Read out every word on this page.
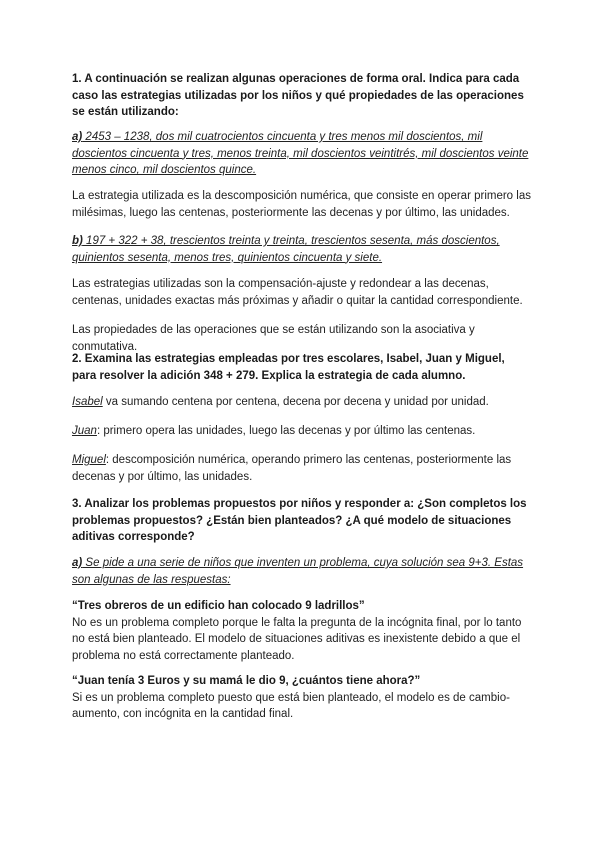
1. A continuación se realizan algunas operaciones de forma oral. Indica para cada caso las estrategias utilizadas por los niños y qué propiedades de las operaciones se están utilizando:

a) 2453 – 1238, dos mil cuatrocientos cincuenta y tres menos mil doscientos, mil doscientos cincuenta y tres, menos treinta, mil doscientos veintitrés, mil doscientos veinte menos cinco, mil doscientos quince.

La estrategia utilizada es la descomposición numérica, que consiste en operar primero las milésimas, luego las centenas, posteriormente las decenas y por último, las unidades.

b) 197 + 322 + 38, trescientos treinta y treinta, trescientos sesenta, más doscientos, quinientos sesenta, menos tres, quinientos cincuenta y siete.

Las estrategias utilizadas son la compensación-ajuste y redondear a las decenas, centenas, unidades exactas más próximas y añadir o quitar la cantidad correspondiente.

Las propiedades de las operaciones que se están utilizando son la asociativa y conmutativa.

2. Examina las estrategias empleadas por tres escolares, Isabel, Juan y Miguel, para resolver la adición 348 + 279. Explica la estrategia de cada alumno.

Isabel va sumando centena por centena, decena por decena y unidad por unidad.

Juan: primero opera las unidades, luego las decenas y por último las centenas.

Miguel: descomposición numérica, operando primero las centenas, posteriormente las decenas y por último, las unidades.

3. Analizar los problemas propuestos por niños y responder a: ¿Son completos los problemas propuestos? ¿Están bien planteados? ¿A qué modelo de situaciones aditivas corresponde?

a) Se pide a una serie de niños que inventen un problema, cuya solución sea 9+3. Estas son algunas de las respuestas:

“Tres obreros de un edificio han colocado 9 ladrillos”
No es un problema completo porque le falta la pregunta de la incógnita final, por lo tanto no está bien planteado. El modelo de situaciones aditivas es inexistente debido a que el problema no está correctamente planteado.

“Juan tenía 3 Euros y su mamá le dio 9, ¿cuántos tiene ahora?”
Si es un problema completo puesto que está bien planteado, el modelo es de cambio-aumento, con incógnita en la cantidad final.
